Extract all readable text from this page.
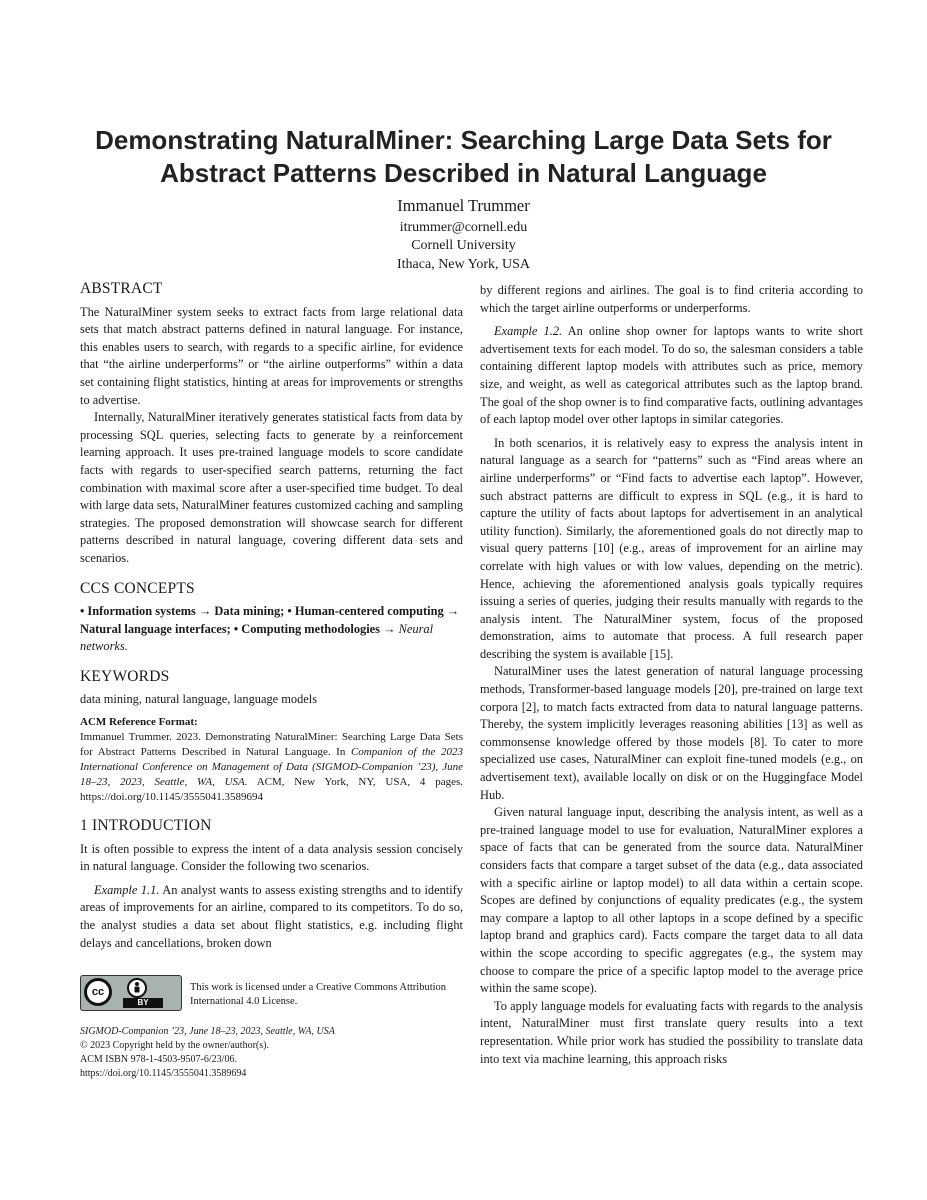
Demonstrating NaturalMiner: Searching Large Data Sets for Abstract Patterns Described in Natural Language
Immanuel Trummer
itrummer@cornell.edu
Cornell University
Ithaca, New York, USA
ABSTRACT

The NaturalMiner system seeks to extract facts from large relational data sets that match abstract patterns defined in natural language. For instance, this enables users to search, with regards to a specific airline, for evidence that “the airline underperforms” or “the airline outperforms” within a data set containing flight statistics, hinting at areas for improvements or strengths to advertise.

Internally, NaturalMiner iteratively generates statistical facts from data by processing SQL queries, selecting facts to generate by a reinforcement learning approach. It uses pre-trained language models to score candidate facts with regards to user-specified search patterns, returning the fact combination with maximal score after a user-specified time budget. To deal with large data sets, NaturalMiner features customized caching and sampling strategies. The proposed demonstration will showcase search for different patterns described in natural language, covering different data sets and scenarios.

CCS CONCEPTS

• Information systems → Data mining; • Human-centered computing → Natural language interfaces; • Computing methodologies → Neural networks.

KEYWORDS

data mining, natural language, language models

ACM Reference Format:

Immanuel Trummer. 2023. Demonstrating NaturalMiner: Searching Large Data Sets for Abstract Patterns Described in Natural Language. In Companion of the 2023 International Conference on Management of Data (SIGMOD-Companion ’23), June 18–23, 2023, Seattle, WA, USA. ACM, New York, NY, USA, 4 pages. https://doi.org/10.1145/3555041.3589694

1 INTRODUCTION

It is often possible to express the intent of a data analysis session concisely in natural language. Consider the following two scenarios.

Example 1.1. An analyst wants to assess existing strengths and to identify areas of improvements for an airline, compared to its competitors. To do so, the analyst studies a data set about flight statistics, e.g. including flight delays and cancellations, broken down

cc
BY
This work is licensed under a Creative Commons Attribution
International 4.0 License.
SIGMOD-Companion ’23, June 18–23, 2023, Seattle, WA, USA
© 2023 Copyright held by the owner/author(s).
ACM ISBN 978-1-4503-9507-6/23/06.
https://doi.org/10.1145/3555041.3589694

by different regions and airlines. The goal is to find criteria according to which the target airline outperforms or underperforms.

Example 1.2. An online shop owner for laptops wants to write short advertisement texts for each model. To do so, the salesman considers a table containing different laptop models with attributes such as price, memory size, and weight, as well as categorical attributes such as the laptop brand. The goal of the shop owner is to find comparative facts, outlining advantages of each laptop model over other laptops in similar categories.

In both scenarios, it is relatively easy to express the analysis intent in natural language as a search for “patterns” such as “Find areas where an airline underperforms” or “Find facts to advertise each laptop”. However, such abstract patterns are difficult to express in SQL (e.g., it is hard to capture the utility of facts about laptops for advertisement in an analytical utility function). Similarly, the aforementioned goals do not directly map to visual query patterns [10] (e.g., areas of improvement for an airline may correlate with high values or with low values, depending on the metric). Hence, achieving the aforementioned analysis goals typically requires issuing a series of queries, judging their results manually with regards to the analysis intent. The NaturalMiner system, focus of the proposed demonstration, aims to automate that process. A full research paper describing the system is available [15].

NaturalMiner uses the latest generation of natural language processing methods, Transformer-based language models [20], pre-trained on large text corpora [2], to match facts extracted from data to natural language patterns. Thereby, the system implicitly leverages reasoning abilities [13] as well as commonsense knowledge offered by those models [8]. To cater to more specialized use cases, NaturalMiner can exploit fine-tuned models (e.g., on advertisement text), available locally on disk or on the Huggingface Model Hub.

Given natural language input, describing the analysis intent, as well as a pre-trained language model to use for evaluation, NaturalMiner explores a space of facts that can be generated from the source data. NaturalMiner considers facts that compare a target subset of the data (e.g., data associated with a specific airline or laptop model) to all data within a certain scope. Scopes are defined by conjunctions of equality predicates (e.g., the system may compare a laptop to all other laptops in a scope defined by a specific laptop brand and graphics card). Facts compare the target data to all data within the scope according to specific aggregates (e.g., the system may choose to compare the price of a specific laptop model to the average price within the same scope).

To apply language models for evaluating facts with regards to the analysis intent, NaturalMiner must first translate query results into a text representation. While prior work has studied the possibility to translate data into text via machine learning, this approach risks
